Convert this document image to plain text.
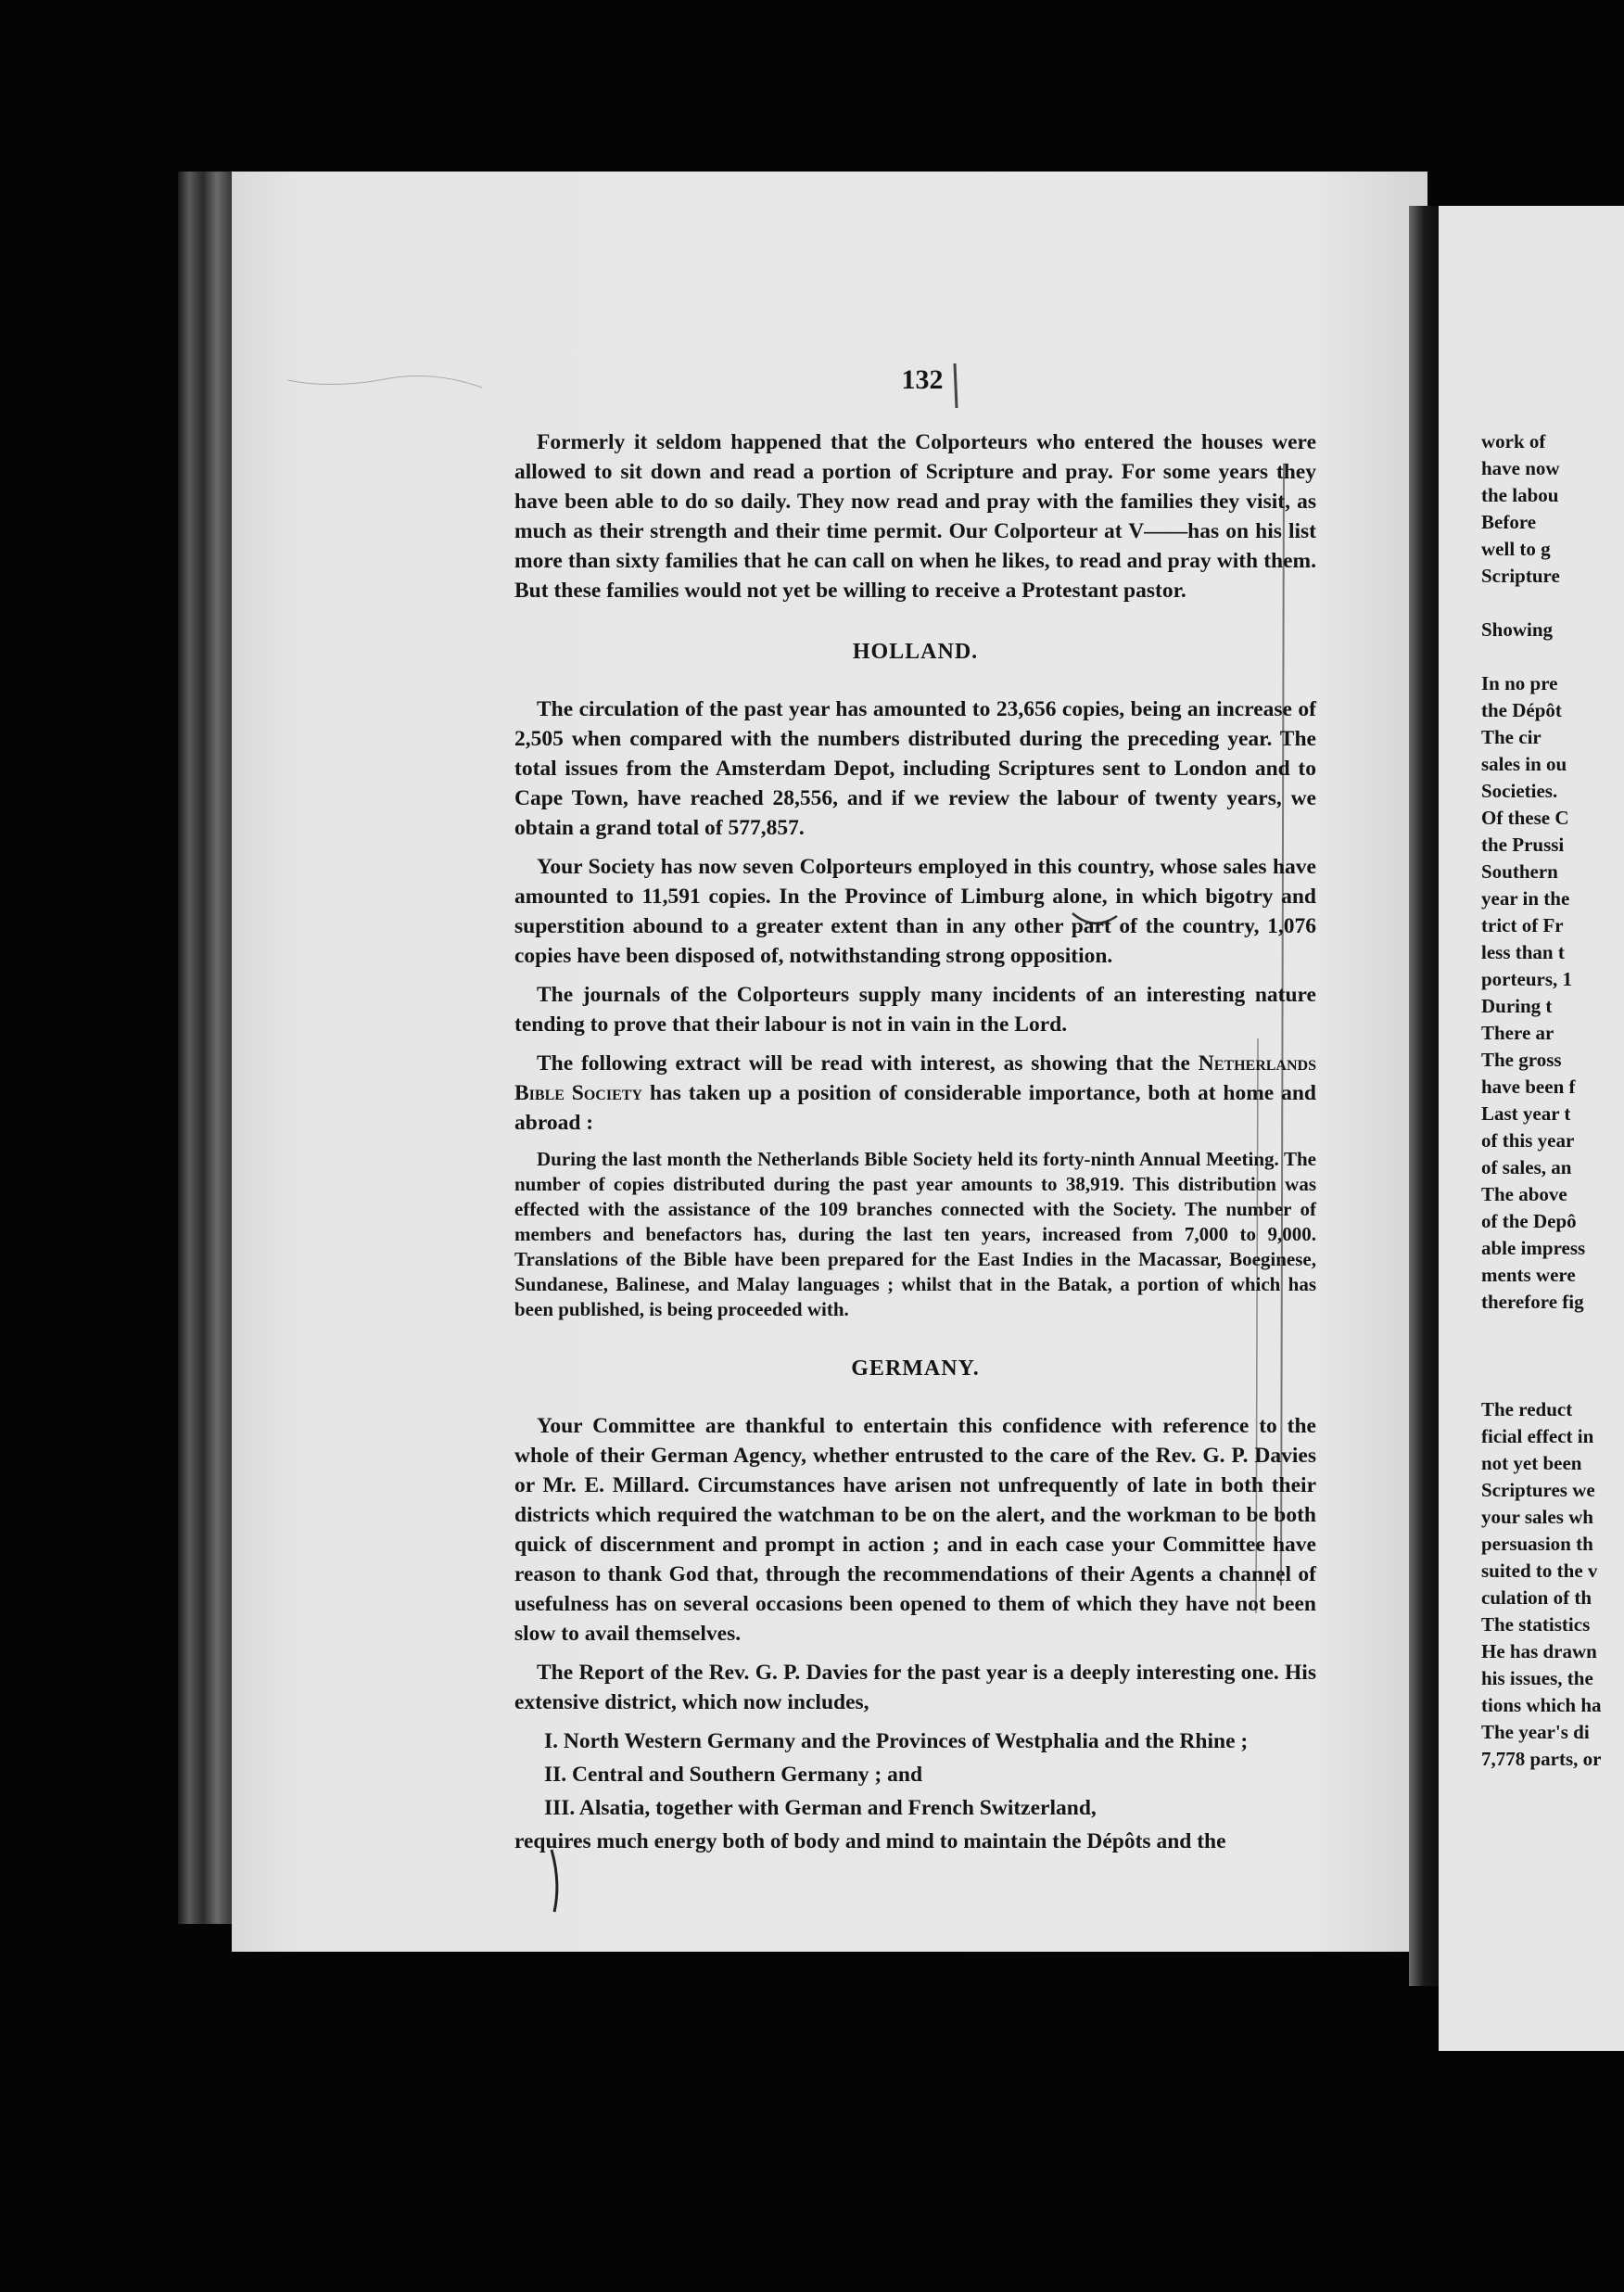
132

Formerly it seldom happened that the Colporteurs who entered the houses were allowed to sit down and read a portion of Scripture and pray. For some years they have been able to do so daily. They now read and pray with the families they visit, as much as their strength and their time permit. Our Colporteur at V——has on his list more than sixty families that he can call on when he likes, to read and pray with them. But these families would not yet be willing to receive a Protestant pastor.

HOLLAND.

The circulation of the past year has amounted to 23,656 copies, being an increase of 2,505 when compared with the numbers distributed during the preceding year. The total issues from the Amsterdam Depot, including Scriptures sent to London and to Cape Town, have reached 28,556, and if we review the labour of twenty years, we obtain a grand total of 577,857.

Your Society has now seven Colporteurs employed in this country, whose sales have amounted to 11,591 copies. In the Province of Limburg alone, in which bigotry and superstition abound to a greater extent than in any other part of the country, 1,076 copies have been disposed of, notwithstanding strong opposition.

The journals of the Colporteurs supply many incidents of an interesting nature tending to prove that their labour is not in vain in the Lord.

The following extract will be read with interest, as showing that the Netherlands Bible Society has taken up a position of considerable importance, both at home and abroad :

During the last month the Netherlands Bible Society held its forty-ninth Annual Meeting. The number of copies distributed during the past year amounts to 38,919. This distribution was effected with the assistance of the 109 branches connected with the Society. The number of members and benefactors has, during the last ten years, increased from 7,000 to 9,000. Translations of the Bible have been prepared for the East Indies in the Macassar, Boeginese, Sundanese, Balinese, and Malay languages ; whilst that in the Batak, a portion of which has been published, is being proceeded with.
GERMANY.

Your Committee are thankful to entertain this confidence with reference to the whole of their German Agency, whether entrusted to the care of the Rev. G. P. Davies or Mr. E. Millard. Circumstances have arisen not unfrequently of late in both their districts which required the watchman to be on the alert, and the workman to be both quick of discernment and prompt in action ; and in each case your Committee have reason to thank God that, through the recommendations of their Agents a channel of usefulness has on several occasions been opened to them of which they have not been slow to avail themselves.

The Report of the Rev. G. P. Davies for the past year is a deeply interesting one. His extensive district, which now includes,

I. North Western Germany and the Provinces of Westphalia and the Rhine ;
II. Central and Southern Germany ; and
III. Alsatia, together with German and French Switzerland,

requires much energy both of body and mind to maintain the Dépôts and the

work of
have now
the labou
Before
well to g
Scripture

Showing

In no pre
the Dépôt
The cir
sales in ou
Societies.
Of these C
the Prussi
Southern
year in the
trict of Fr
less than t
porteurs, 1
During t
There ar
The gross
have been f
Last year t
of this year
of sales, an
The above
of the Depô
able impress
ments were
therefore fig

The reduct
ficial effect in
not yet been
Scriptures we
your sales wh
persuasion th
suited to the v
culation of th
The statistics
He has drawn
his issues, the
tions which ha
The year's di
7,778 parts, or
